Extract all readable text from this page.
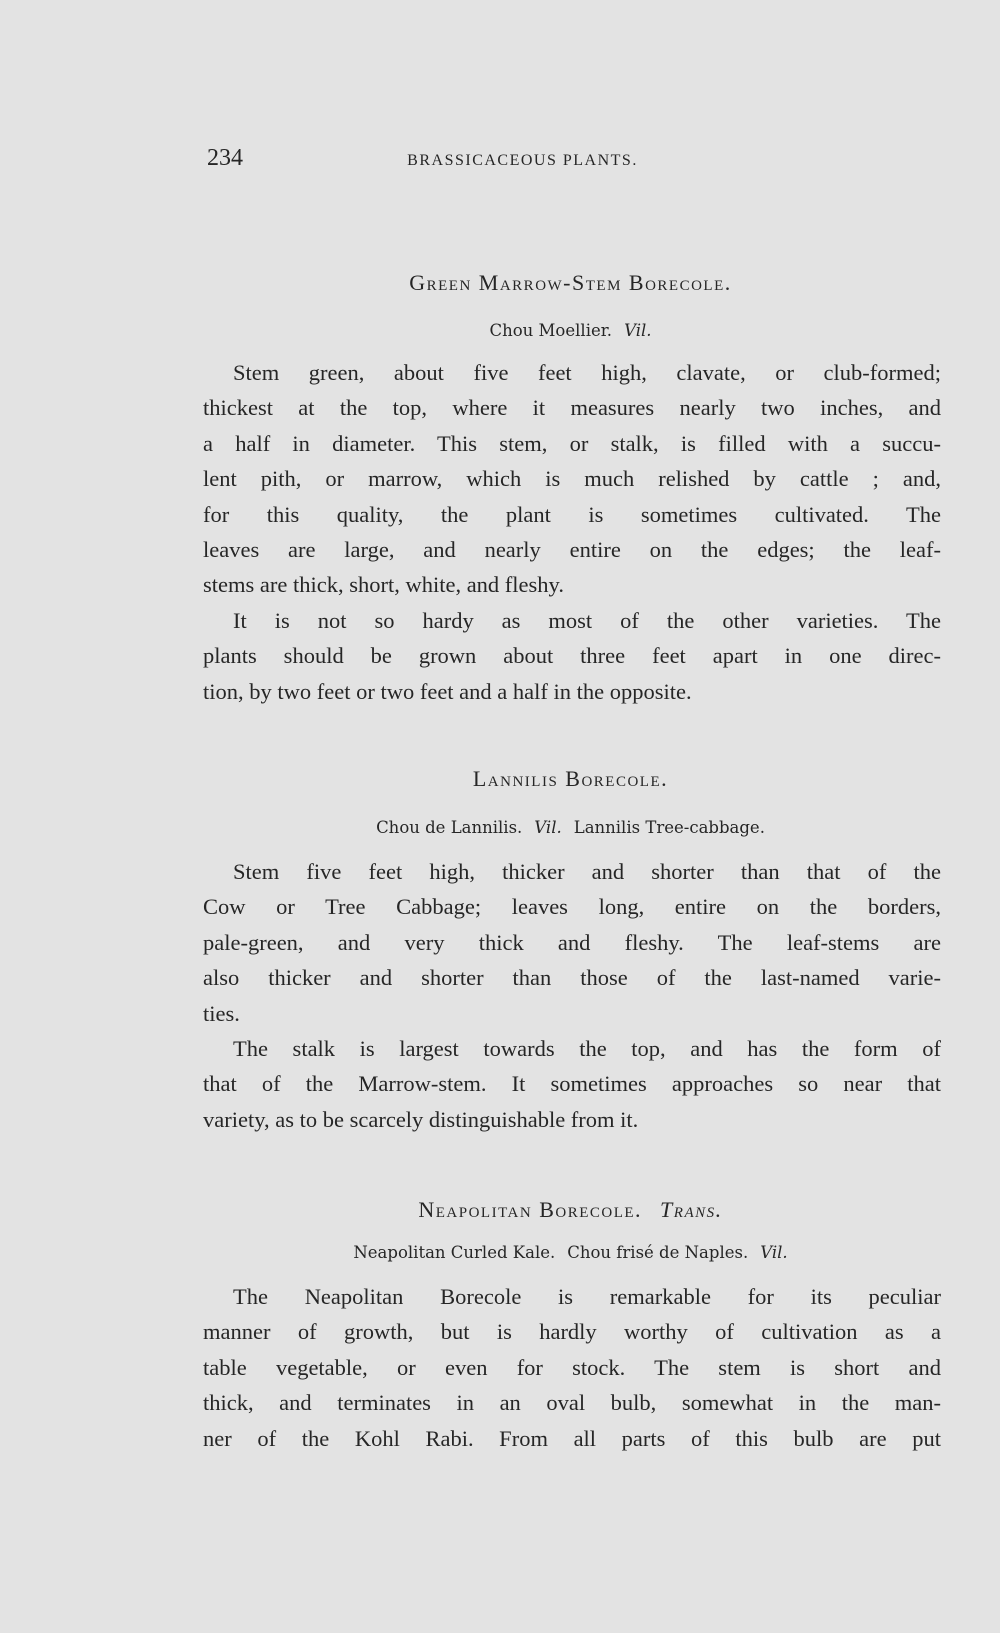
234	BRASSICACEOUS PLANTS.
Green Marrow-Stem Borecole.
Chou Moellier. Vil.
Stem green, about five feet high, clavate, or club-formed;
thickest at the top, where it measures nearly two inches, and
a half in diameter. This stem, or stalk, is filled with a succu-
lent pith, or marrow, which is much relished by cattle ; and,
for this quality, the plant is sometimes cultivated. The
leaves are large, and nearly entire on the edges; the leaf-
stems are thick, short, white, and fleshy.
It is not so hardy as most of the other varieties. The
plants should be grown about three feet apart in one direc-
tion, by two feet or two feet and a half in the opposite.
Lannilis Borecole.
Chou de Lannilis. Vil. Lannilis Tree-cabbage.
Stem five feet high, thicker and shorter than that of the
Cow or Tree Cabbage; leaves long, entire on the borders,
pale-green, and very thick and fleshy. The leaf-stems are
also thicker and shorter than those of the last-named varie-
ties.
The stalk is largest towards the top, and has the form of
that of the Marrow-stem. It sometimes approaches so near that
variety, as to be scarcely distinguishable from it.
Neapolitan Borecole. Trans.
Neapolitan Curled Kale. Chou frisé de Naples. Vil.
The Neapolitan Borecole is remarkable for its peculiar
manner of growth, but is hardly worthy of cultivation as a
table vegetable, or even for stock. The stem is short and
thick, and terminates in an oval bulb, somewhat in the man-
ner of the Kohl Rabi. From all parts of this bulb are put
